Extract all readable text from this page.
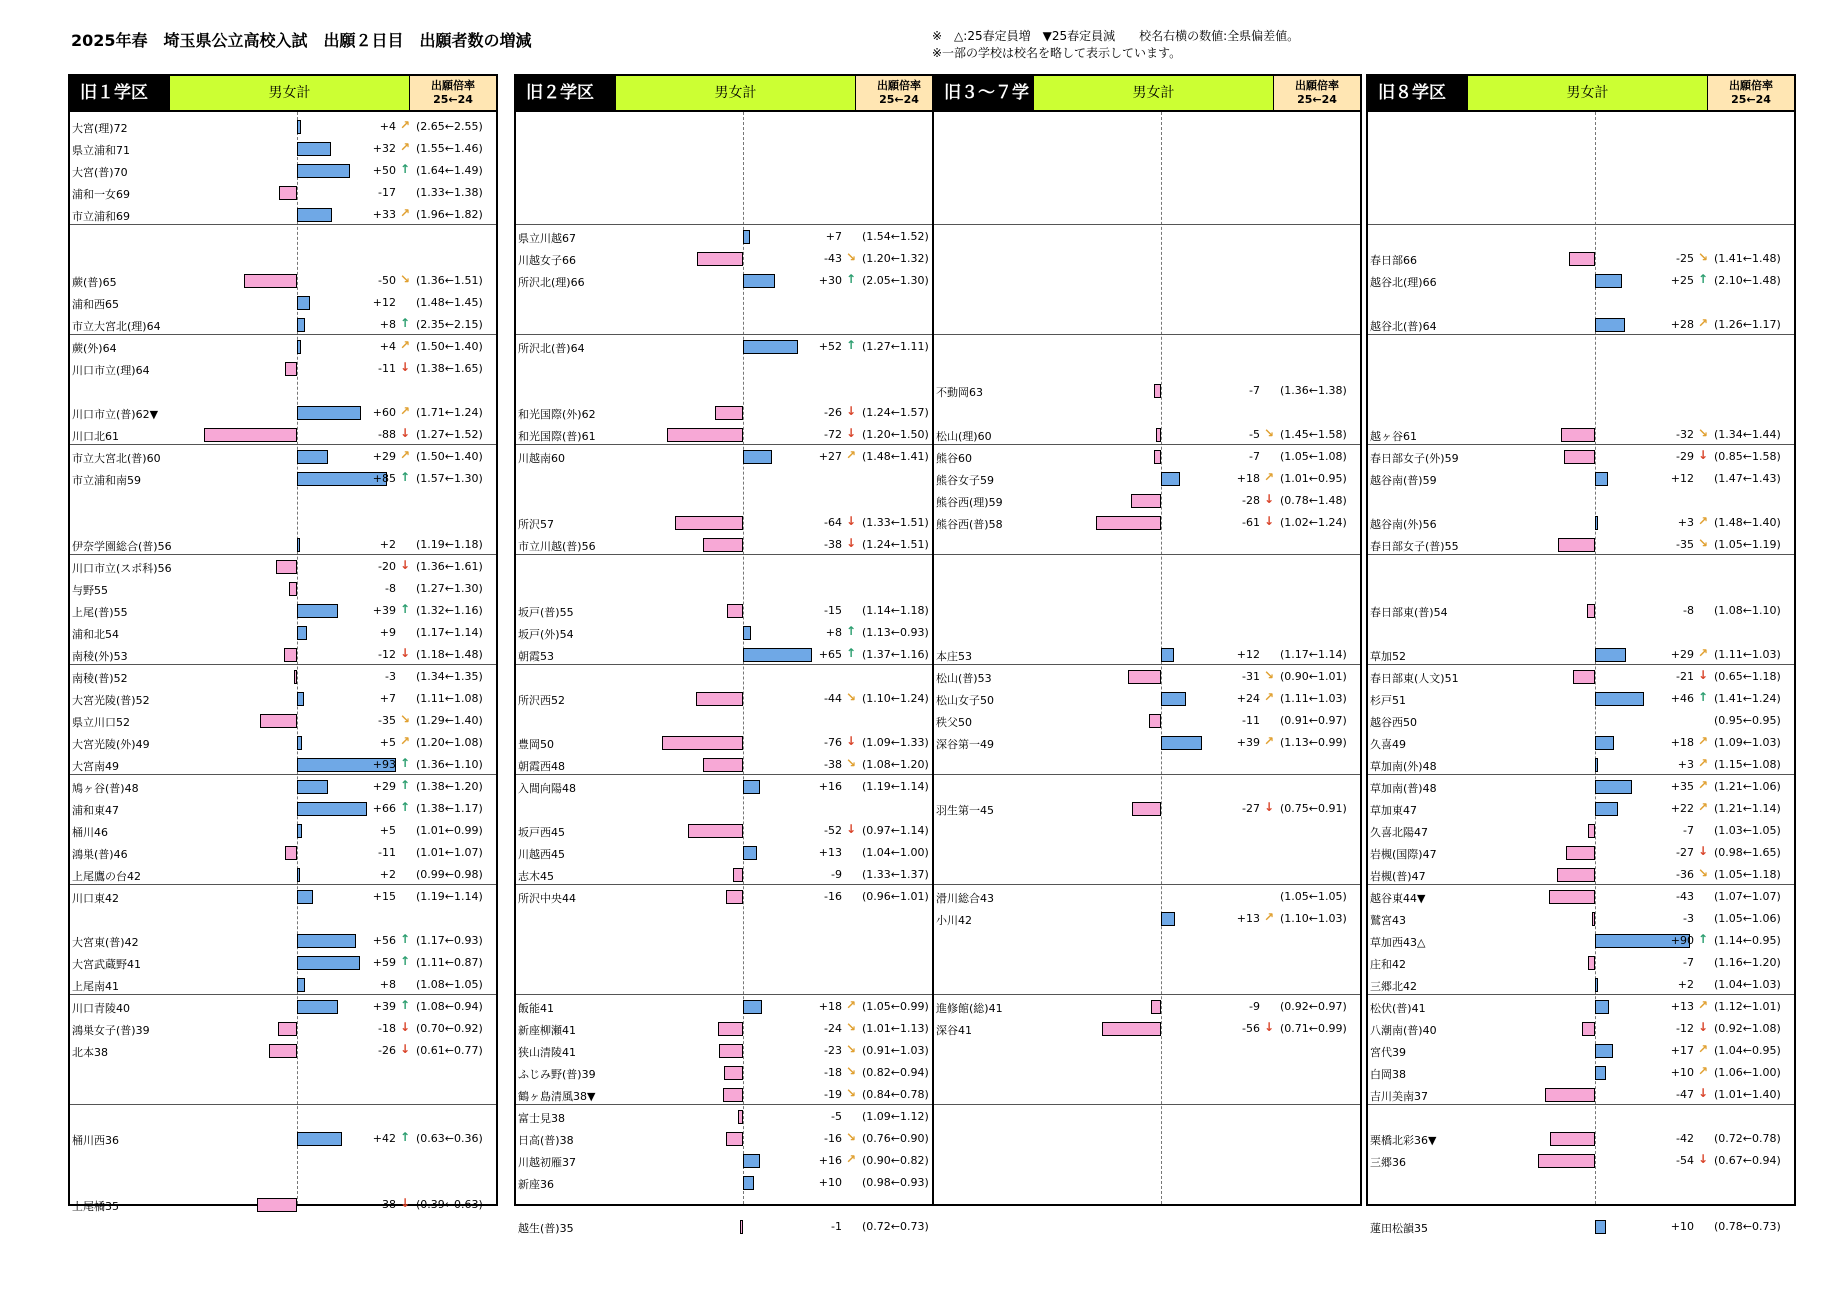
2025年春　埼玉県公立高校入試　出願２日目　出願者数の増減	※　△:25春定員増　▼25春定員減　　校名右横の数値:全県偏差値。
※一部の学校は校名を略して表示しています。
旧１学区	男女計	出願倍率
25←24
大宮(理)72	+4 ↗ (2.65←2.55)
県立浦和71	+32 ↗ (1.55←1.46)
大宮(普)70	+50 ↑ (1.64←1.49)
浦和一女69	-17 (1.33←1.38)
市立浦和69	+33 ↗ (1.96←1.82)
蕨(普)65	-50 ↘ (1.36←1.51)
浦和西65	+12 (1.48←1.45)
市立大宮北(理)64	+8 ↑ (2.35←2.15)
蕨(外)64	+4 ↗ (1.50←1.40)
川口市立(理)64	-11 ↓ (1.38←1.65)
川口市立(普)62▼	+60 ↗ (1.71←1.24)
川口北61	-88 ↓ (1.27←1.52)
市立大宮北(普)60	+29 ↗ (1.50←1.40)
市立浦和南59	+85 ↑ (1.57←1.30)
伊奈学園総合(普)56	+2 (1.19←1.18)
川口市立(スポ科)56	-20 ↓ (1.36←1.61)
与野55	-8 (1.27←1.30)
上尾(普)55	+39 ↑ (1.32←1.16)
浦和北54	+9 (1.17←1.14)
南稜(外)53	-12 ↓ (1.18←1.48)
南稜(普)52	-3 (1.34←1.35)
大宮光陵(普)52	+7 (1.11←1.08)
県立川口52	-35 ↘ (1.29←1.40)
大宮光陵(外)49	+5 ↗ (1.20←1.08)
大宮南49	+93 ↑ (1.36←1.10)
鳩ヶ谷(普)48	+29 ↑ (1.38←1.20)
浦和東47	+66 ↑ (1.38←1.17)
桶川46	+5 (1.01←0.99)
鴻巣(普)46	-11 (1.01←1.07)
上尾鷹の台42	+2 (0.99←0.98)
川口東42	+15 (1.19←1.14)
大宮東(普)42	+56 ↑ (1.17←0.93)
大宮武蔵野41	+59 ↑ (1.11←0.87)
上尾南41	+8 (1.08←1.05)
川口青陵40	+39 ↑ (1.08←0.94)
鴻巣女子(普)39	-18 ↓ (0.70←0.92)
北本38	-26 ↓ (0.61←0.77)
桶川西36	+42 ↑ (0.63←0.36)
上尾橘35	-38 ↓ (0.39←0.63)
旧２学区	男女計	出願倍率
25←24
県立川越67	+7 (1.54←1.52)
川越女子66	-43 ↘ (1.20←1.32)
所沢北(理)66	+30 ↑ (2.05←1.30)
所沢北(普)64	+52 ↑ (1.27←1.11)
和光国際(外)62	-26 ↓ (1.24←1.57)
和光国際(普)61	-72 ↓ (1.20←1.50)
川越南60	+27 ↗ (1.48←1.41)
所沢57	-64 ↓ (1.33←1.51)
市立川越(普)56	-38 ↓ (1.24←1.51)
坂戸(普)55	-15 (1.14←1.18)
坂戸(外)54	+8 ↑ (1.13←0.93)
朝霞53	+65 ↑ (1.37←1.16)
所沢西52	-44 ↘ (1.10←1.24)
豊岡50	-76 ↓ (1.09←1.33)
朝霞西48	-38 ↘ (1.08←1.20)
入間向陽48	+16 (1.19←1.14)
坂戸西45	-52 ↓ (0.97←1.14)
川越西45	+13 (1.04←1.00)
志木45	-9 (1.33←1.37)
所沢中央44	-16 (0.96←1.01)
飯能41	+18 ↗ (1.05←0.99)
新座柳瀬41	-24 ↘ (1.01←1.13)
狭山清陵41	-23 ↘ (0.91←1.03)
ふじみ野(普)39	-18 ↘ (0.82←0.94)
鶴ヶ島清風38▼	-19 ↘ (0.84←0.78)
富士見38	-5 (1.09←1.12)
日高(普)38	-16 ↘ (0.76←0.90)
川越初雁37	+16 ↗ (0.90←0.82)
新座36	+10 (0.98←0.93)
越生(普)35	-1 (0.72←0.73)
旧３～７学区
男女計	出願倍率
25←24
不動岡63	-7 (1.36←1.38)
松山(理)60	-5 ↘ (1.45←1.58)
熊谷60	-7 (1.05←1.08)
熊谷女子59	+18 ↗ (1.01←0.95)
熊谷西(理)59	-28 ↓ (0.78←1.48)
熊谷西(普)58	-61 ↓ (1.02←1.24)
本庄53	+12 (1.17←1.14)
松山(普)53	-31 ↘ (0.90←1.01)
松山女子50	+24 ↗ (1.11←1.03)
秩父50	-11 (0.91←0.97)
深谷第一49	+39 ↗ (1.13←0.99)
羽生第一45	-27 ↓ (0.75←0.91)
滑川総合43	(1.05←1.05)
小川42	+13 ↗ (1.10←1.03)
進修館(総)41	-9 (0.92←0.97)
深谷41	-56 ↓ (0.71←0.99)
旧８学区	男女計	出願倍率
25←24
春日部66	-25 ↘ (1.41←1.48)
越谷北(理)66	+25 ↑ (2.10←1.48)
越谷北(普)64	+28 ↗ (1.26←1.17)
越ヶ谷61	-32 ↘ (1.34←1.44)
春日部女子(外)59	-29 ↓ (0.85←1.58)
越谷南(普)59	+12 (1.47←1.43)
越谷南(外)56	+3 ↗ (1.48←1.40)
春日部女子(普)55	-35 ↘ (1.05←1.19)
春日部東(普)54	-8 (1.08←1.10)
草加52	+29 ↗ (1.11←1.03)
春日部東(人文)51	-21 ↓ (0.65←1.18)
杉戸51	+46 ↑ (1.41←1.24)
越谷西50	(0.95←0.95)
久喜49	+18 ↗ (1.09←1.03)
草加南(外)48	+3 ↗ (1.15←1.08)
草加南(普)48	+35 ↗ (1.21←1.06)
草加東47	+22 ↗ (1.21←1.14)
久喜北陽47	-7 (1.03←1.05)
岩槻(国際)47	-27 ↓ (0.98←1.65)
岩槻(普)47	-36 ↘ (1.05←1.18)
越谷東44▼	-43 (1.07←1.07)
鷲宮43	-3 (1.05←1.06)
草加西43△	+90 ↑ (1.14←0.95)
庄和42	-7 (1.16←1.20)
三郷北42	+2 (1.04←1.03)
松伏(普)41	+13 ↗ (1.12←1.01)
八潮南(普)40	-12 ↓ (0.92←1.08)
宮代39	+17 ↗ (1.04←0.95)
白岡38	+10 ↗ (1.06←1.00)
吉川美南37	-47 ↓ (1.01←1.40)
栗橋北彩36▼	-42 (0.72←0.78)
三郷36	-54 ↓ (0.67←0.94)
蓮田松韻35	+10 (0.78←0.73)
